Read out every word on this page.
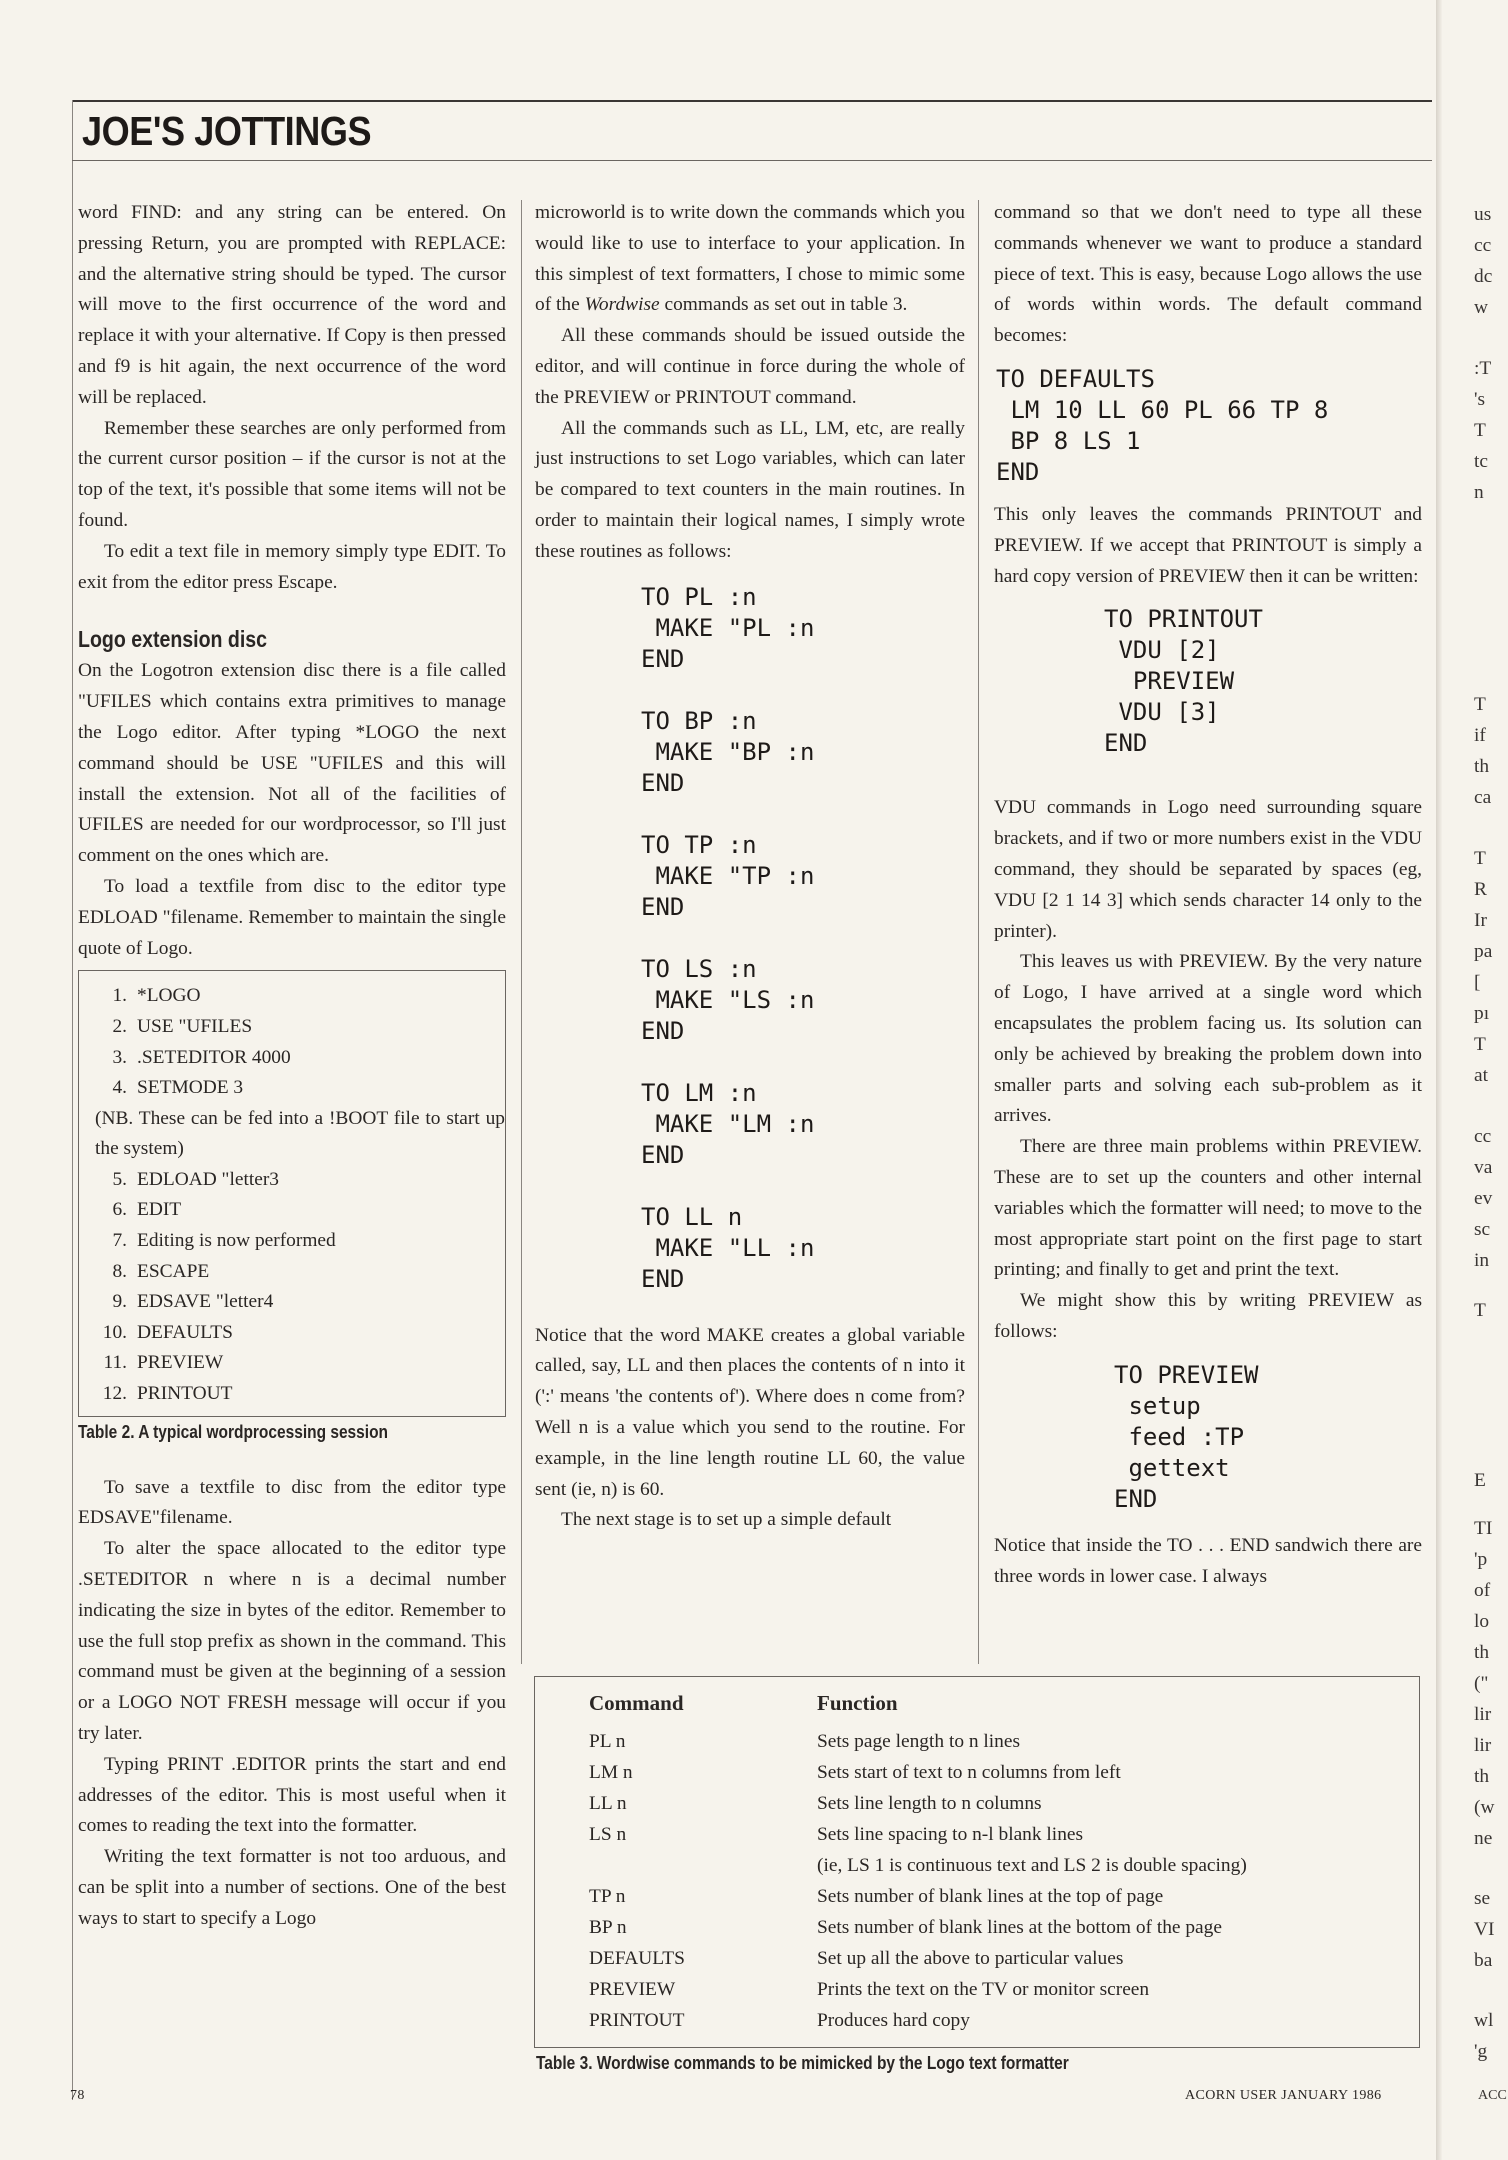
JOE'S JOTTINGS

word FIND: and any string can be entered. On pressing Return, you are prompted with REPLACE: and the alternative string should be typed. The cursor will move to the first occurrence of the word and replace it with your alternative. If Copy is then pressed and f9 is hit again, the next occurrence of the word will be replaced.

Remember these searches are only performed from the current cursor position – if the cursor is not at the top of the text, it's possible that some items will not be found.

To edit a text file in memory simply type EDIT. To exit from the editor press Escape.

Logo extension disc

On the Logotron extension disc there is a file called "UFILES which contains extra primitives to manage the Logo editor. After typing *LOGO the next command should be USE "UFILES and this will install the extension. Not all of the facilities of UFILES are needed for our wordprocessor, so I'll just comment on the ones which are.

To load a textfile from disc to the editor type EDLOAD "filename. Remember to maintain the single quote of Logo.

1. *LOGO
2. USE "UFILES
3. .SETEDITOR 4000
4. SETMODE 3
(NB. These can be fed into a !BOOT file to start up the system)
5. EDLOAD "letter3
6. EDIT
7. Editing is now performed
8. ESCAPE
9. EDSAVE "letter4
10. DEFAULTS
11. PREVIEW
12. PRINTOUT
Table 2. A typical wordprocessing session

To save a textfile to disc from the editor type EDSAVE"filename.

To alter the space allocated to the editor type .SETEDITOR n where n is a decimal number indicating the size in bytes of the editor. Remember to use the full stop prefix as shown in the command. This command must be given at the beginning of a session or a LOGO NOT FRESH message will occur if you try later.

Typing PRINT .EDITOR prints the start and end addresses of the editor. This is most useful when it comes to reading the text into the formatter.

Writing the text formatter is not too arduous, and can be split into a number of sections. One of the best ways to start to specify a Logo

microworld is to write down the commands which you would like to use to interface to your application. In this simplest of text formatters, I chose to mimic some of the Wordwise commands as set out in table 3.

All these commands should be issued outside the editor, and will continue in force during the whole of the PREVIEW or PRINTOUT command.

All the commands such as LL, LM, etc, are really just instructions to set Logo variables, which can later be compared to text counters in the main routines. In order to maintain their logical names, I simply wrote these routines as follows:

TO PL :n
MAKE "PL :n
END

TO BP :n
MAKE "BP :n
END

TO TP :n
MAKE "TP :n
END

TO LS :n
MAKE "LS :n
END

TO LM :n
MAKE "LM :n
END

TO LL n
MAKE "LL :n
END

Notice that the word MAKE creates a global variable called, say, LL and then places the contents of n into it (':' means 'the contents of'). Where does n come from? Well n is a value which you send to the routine. For example, in the line length routine LL 60, the value sent (ie, n) is 60.

The next stage is to set up a simple default

command so that we don't need to type all these commands whenever we want to produce a standard piece of text. This is easy, because Logo allows the use of words within words. The default command becomes:

TO DEFAULTS
LM 10 LL 60 PL 66 TP 8
BP 8 LS 1
END

This only leaves the commands PRINTOUT and PREVIEW. If we accept that PRINTOUT is simply a hard copy version of PREVIEW then it can be written:

TO PRINTOUT
VDU [2]
PREVIEW
VDU [3]
END

VDU commands in Logo need surrounding square brackets, and if two or more numbers exist in the VDU command, they should be separated by spaces (eg, VDU [2 1 14 3] which sends character 14 only to the printer).

This leaves us with PREVIEW. By the very nature of Logo, I have arrived at a single word which encapsulates the problem facing us. Its solution can only be achieved by breaking the problem down into smaller parts and solving each sub-problem as it arrives.

There are three main problems within PREVIEW. These are to set up the counters and other internal variables which the formatter will need; to move to the most appropriate start point on the first page to start printing; and finally to get and print the text.

We might show this by writing PREVIEW as follows:

TO PREVIEW
setup
feed :TP
gettext
END

Notice that inside the TO . . . END sandwich there are three words in lower case. I always

Command	Function
PL n	Sets page length to n lines
LM n	Sets start of text to n columns from left
LL n	Sets line length to n columns
LS n	Sets line spacing to n-l blank lines
(ie, LS 1 is continuous text and LS 2 is double spacing)
TP n	Sets number of blank lines at the top of page
BP n	Sets number of blank lines at the bottom of the page
DEFAULTS	Set up all the above to particular values
PREVIEW	Prints the text on the TV or monitor screen
PRINTOUT	Produces hard copy
Table 3. Wordwise commands to be mimicked by the Logo text formatter
78	ACORN USER JANUARY 1986
us
cc
dc
w
:T
's
T
tc
n
T
if
th
ca
T
R
Ir
pa
[
pı
T
at
cc
va
ev
sc
in
T
E
TI
'p
of
lo
th
("
lir
lir
th
(w
ne
se
VI
ba
wl
'g
ACC
